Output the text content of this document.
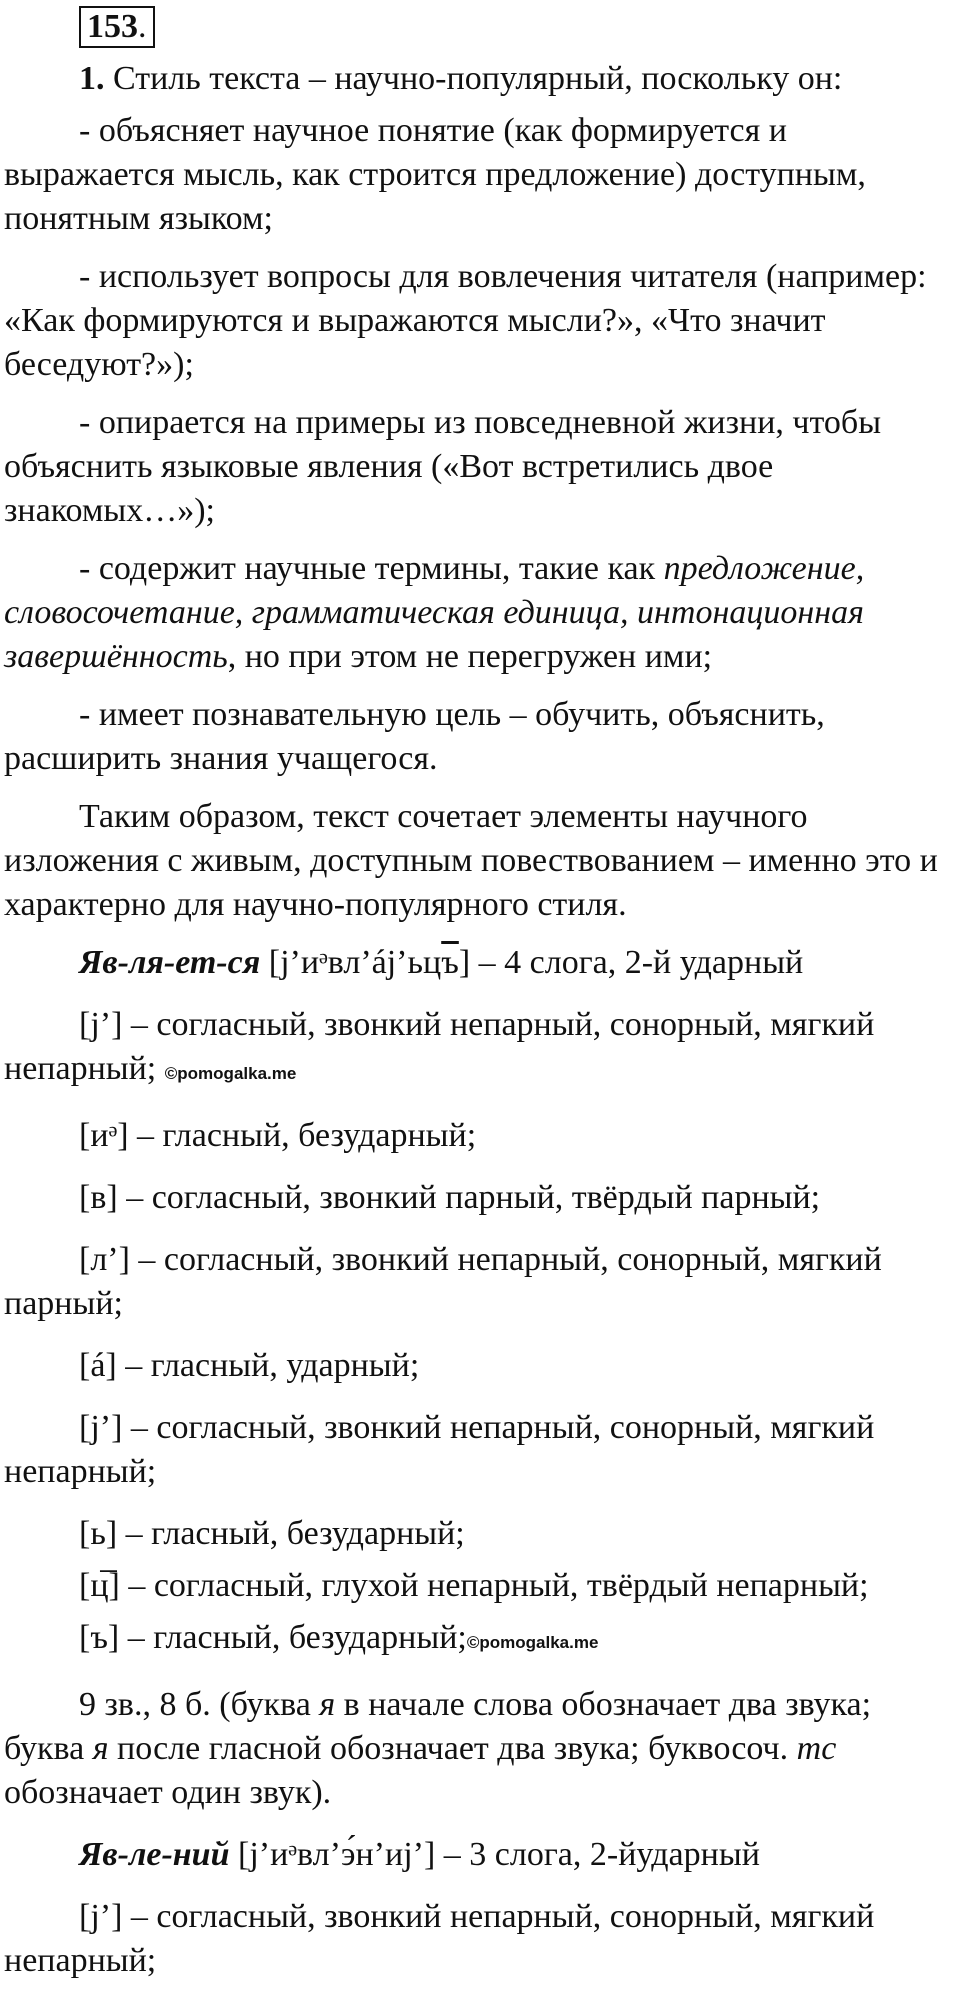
153.

1. Стиль текста – научно-популярный, поскольку он:

- объясняет научное понятие (как формируется и выражается мысль, как строится предложение) доступным, понятным языком;

- использует вопросы для вовлечения читателя (например: «Как формируются и выражаются мысли?», «Что значит беседуют?»);

- опирается на примеры из повседневной жизни, чтобы объяснить языковые явления («Вот встретились двое знакомых…»);

- содержит научные термины, такие как предложение, словосочетание, грамматическая единица, интонационная завершённость, но при этом не перегружен ими;

- имеет познавательную цель – обучить, объяснить, расширить знания учащегося.

Таким образом, текст сочетает элементы научного изложения с живым, доступным повествованием – именно это и характерно для научно-популярного стиля.

Яв-ля-ет-ся [j’иᵊвл’áj’ьцъ] – 4 слога, 2-й ударный

[j’] – согласный, звонкий непарный, сонорный, мягкий непарный; ©pomogalka.me

[иᵊ] – гласный, безударный;

[в] – согласный, звонкий парный, твёрдый парный;

[л’] – согласный, звонкий непарный, сонорный, мягкий парный;

[á] – гласный, ударный;

[j’] – согласный, звонкий непарный, сонорный, мягкий непарный;

[ь] – гласный, безударный;

[ц̅] – согласный, глухой непарный, твёрдый непарный;

[ъ] – гласный, безударный;©pomogalka.me

9 зв., 8 б. (буква я в начале слова обозначает два звука; буква я после гласной обозначает два звука; буквосоч. тс обозначает один звук).

Яв-ле-ний [j’иᵊвл’э́н’иj’] – 3 слога, 2-йударный

[j’] – согласный, звонкий непарный, сонорный, мягкий непарный;
